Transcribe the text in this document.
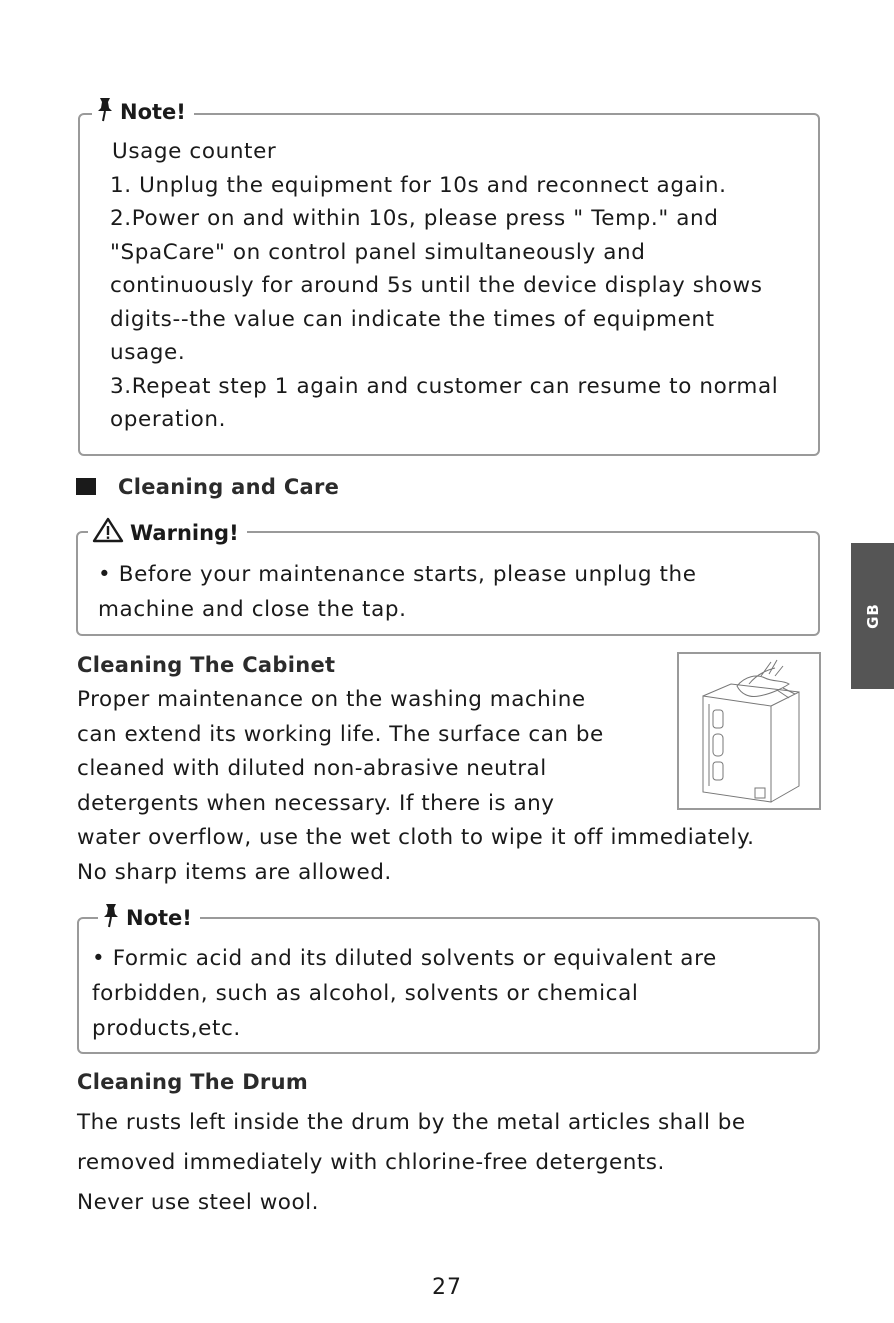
Note!
Usage counter
1. Unplug the equipment for 10s and reconnect again.
2.Power on and within 10s, please press " Temp." and
"SpaCare" on control panel simultaneously and
continuously for around 5s until the device display shows
digits--the value can indicate the times of equipment
usage.
3.Repeat step 1 again and customer can resume to normal
operation.
Cleaning and Care
Warning!
• Before your maintenance starts, please unplug the
machine and close the tap.
Cleaning The Cabinet
Proper maintenance on the washing machine
can extend its working life. The surface can be
cleaned with diluted non-abrasive neutral
detergents when necessary. If there is any
water overflow, use the wet cloth to wipe it off immediately.
No sharp items are allowed.
Note!
• Formic acid and its diluted solvents or equivalent are
forbidden, such as alcohol, solvents or chemical
products,etc.
Cleaning The Drum
The rusts left inside the drum by the metal articles shall be
removed immediately with chlorine-free detergents.
Never use steel wool.
GB
27
